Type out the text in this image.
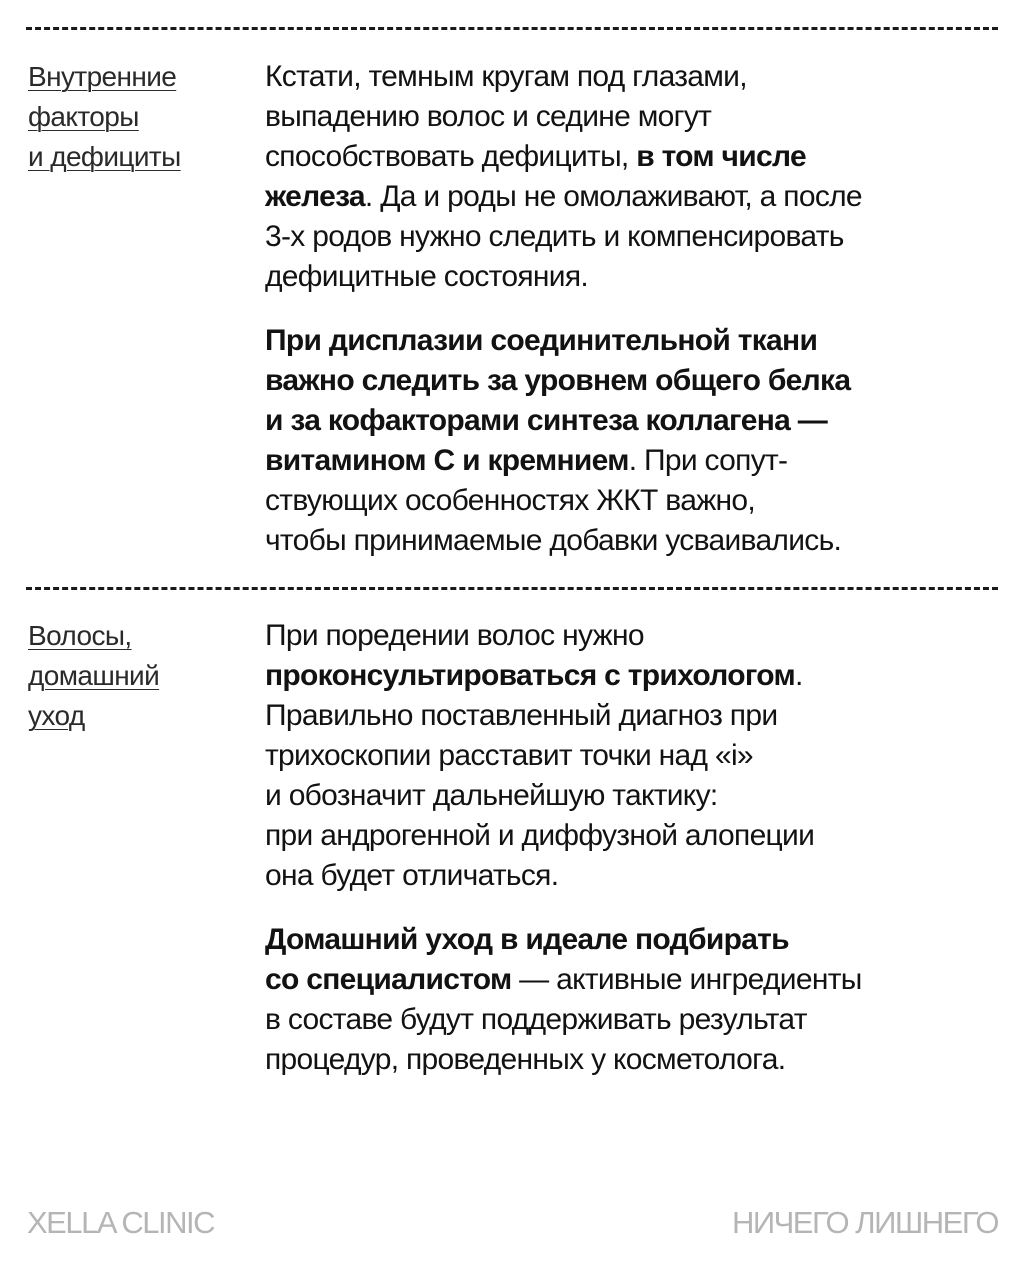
Внутренние
факторы
и дефициты
Кстати, темным кругам под глазами,
выпадению волос и седине могут
способствовать дефициты, в том числе
железа. Да и роды не омолаживают, а после
3-х родов нужно следить и компенсировать
дефицитные состояния.
При дисплазии соединительной ткани
важно следить за уровнем общего белка
и за кофакторами синтеза коллагена —
витамином С и кремнием. При сопут-
ствующих особенностях ЖКТ важно,
чтобы принимаемые добавки усваивались.
Волосы,
домашний
уход
При поредении волос нужно
проконсультироваться с трихологом.
Правильно поставленный диагноз при
трихоскопии расставит точки над «i»
и обозначит дальнейшую тактику:
при андрогенной и диффузной алопеции
она будет отличаться.
Домашний уход в идеале подбирать
со специалистом — активные ингредиенты
в составе будут поддерживать результат
процедур, проведенных у косметолога.
XELLA CLINIC	НИЧЕГО ЛИШНЕГО
